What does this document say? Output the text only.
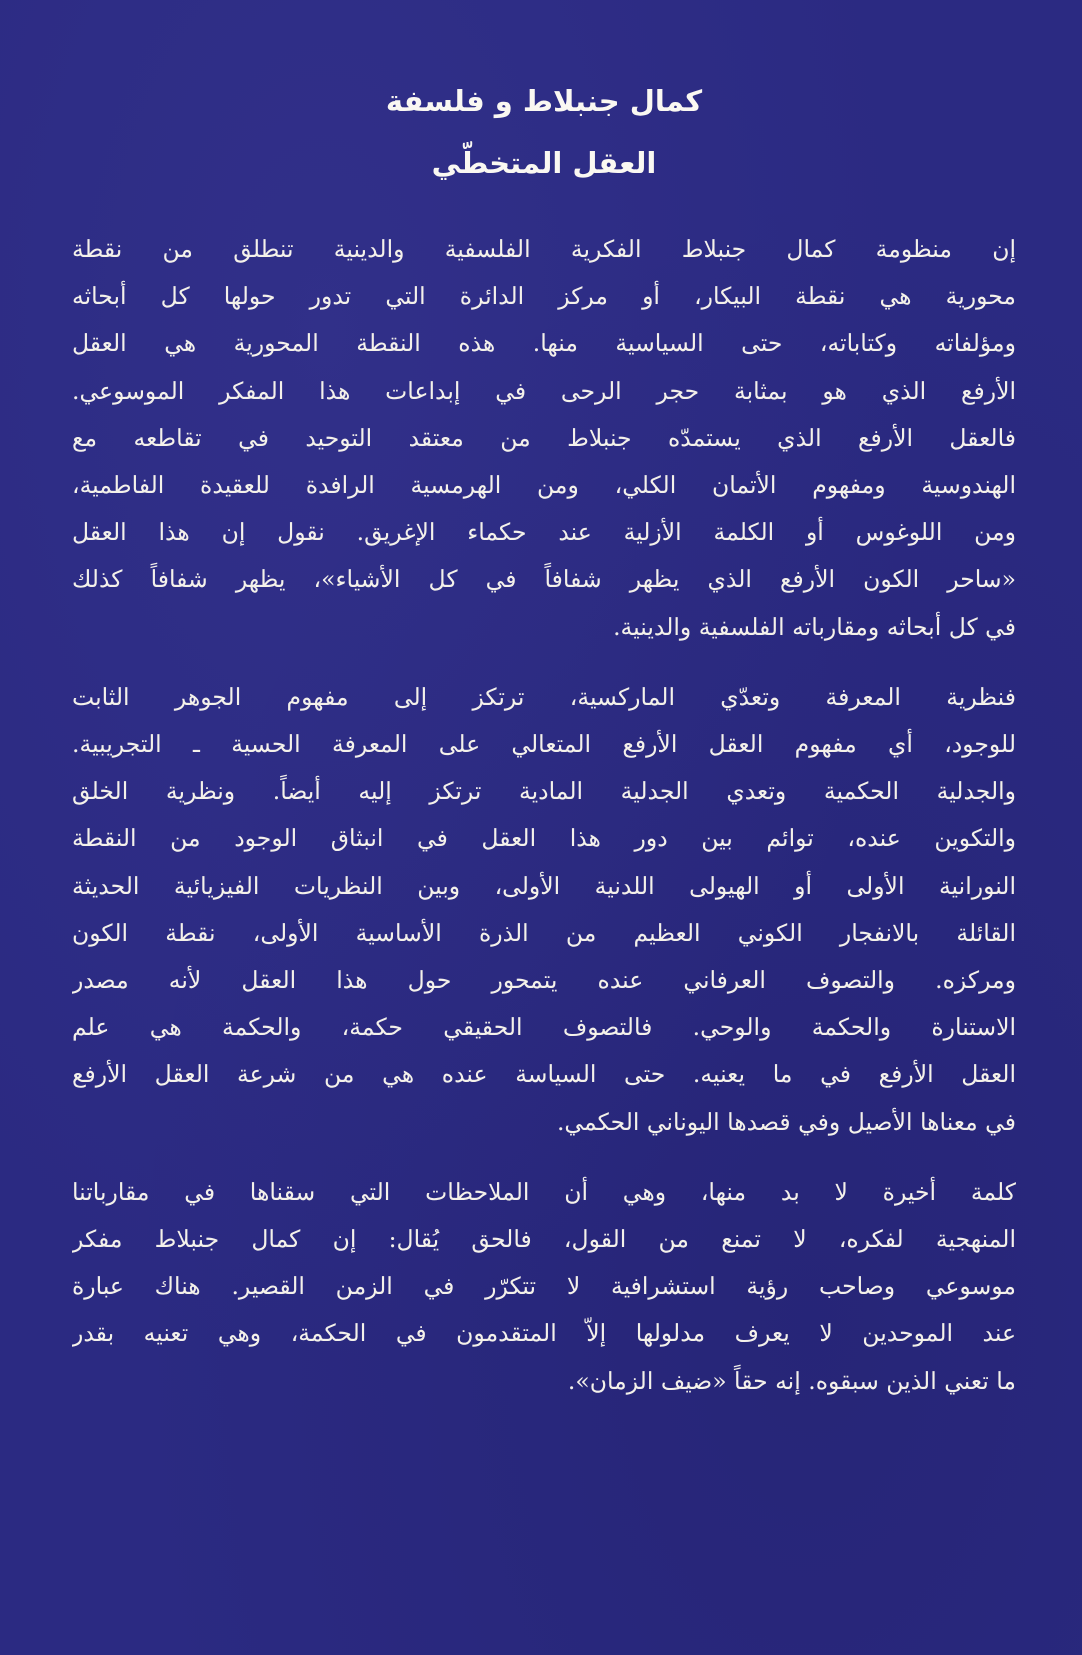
كمال جنبلاط و فلسفة
العقل المتخطّي
إن منظومة كمال جنبلاط الفكرية الفلسفية والدينية تنطلق من نقطة
محورية هي نقطة البيكار، أو مركز الدائرة التي تدور حولها كل أبحاثه
ومؤلفاته وكتاباته، حتى السياسية منها. هذه النقطة المحورية هي العقل
الأرفع الذي هو بمثابة حجر الرحى في إبداعات هذا المفكر الموسوعي.
فالعقل الأرفع الذي يستمدّه جنبلاط من معتقد التوحيد في تقاطعه مع
الهندوسية ومفهوم الأتمان الكلي، ومن الهرمسية الرافدة للعقيدة الفاطمية،
ومن اللوغوس أو الكلمة الأزلية عند حكماء الإغريق. نقول إن هذا العقل
«ساحر الكون الأرفع الذي يظهر شفافاً في كل الأشياء»، يظهر شفافاً كذلك
في كل أبحاثه ومقارباته الفلسفية والدينية.
فنظرية المعرفة وتعدّي الماركسية، ترتكز إلى مفهوم الجوهر الثابت
للوجود، أي مفهوم العقل الأرفع المتعالي على المعرفة الحسية ـ التجريبية.
والجدلية الحكمية وتعدي الجدلية المادية ترتكز إليه أيضاً. ونظرية الخلق
والتكوين عنده، توائم بين دور هذا العقل في انبثاق الوجود من النقطة
النورانية الأولى أو الهيولى اللدنية الأولى، وبين النظريات الفيزيائية الحديثة
القائلة بالانفجار الكوني العظيم من الذرة الأساسية الأولى، نقطة الكون
ومركزه. والتصوف العرفاني عنده يتمحور حول هذا العقل لأنه مصدر
الاستنارة والحكمة والوحي. فالتصوف الحقيقي حكمة، والحكمة هي علم
العقل الأرفع في ما يعنيه. حتى السياسة عنده هي من شرعة العقل الأرفع
في معناها الأصيل وفي قصدها اليوناني الحكمي.
كلمة أخيرة لا بد منها، وهي أن الملاحظات التي سقناها في مقارباتنا
المنهجية لفكره، لا تمنع من القول، فالحق يُقال: إن كمال جنبلاط مفكر
موسوعي وصاحب رؤية استشرافية لا تتكرّر في الزمن القصير. هناك عبارة
عند الموحدين لا يعرف مدلولها إلاّ المتقدمون في الحكمة، وهي تعنيه بقدر
ما تعني الذين سبقوه. إنه حقاً «ضيف الزمان».
